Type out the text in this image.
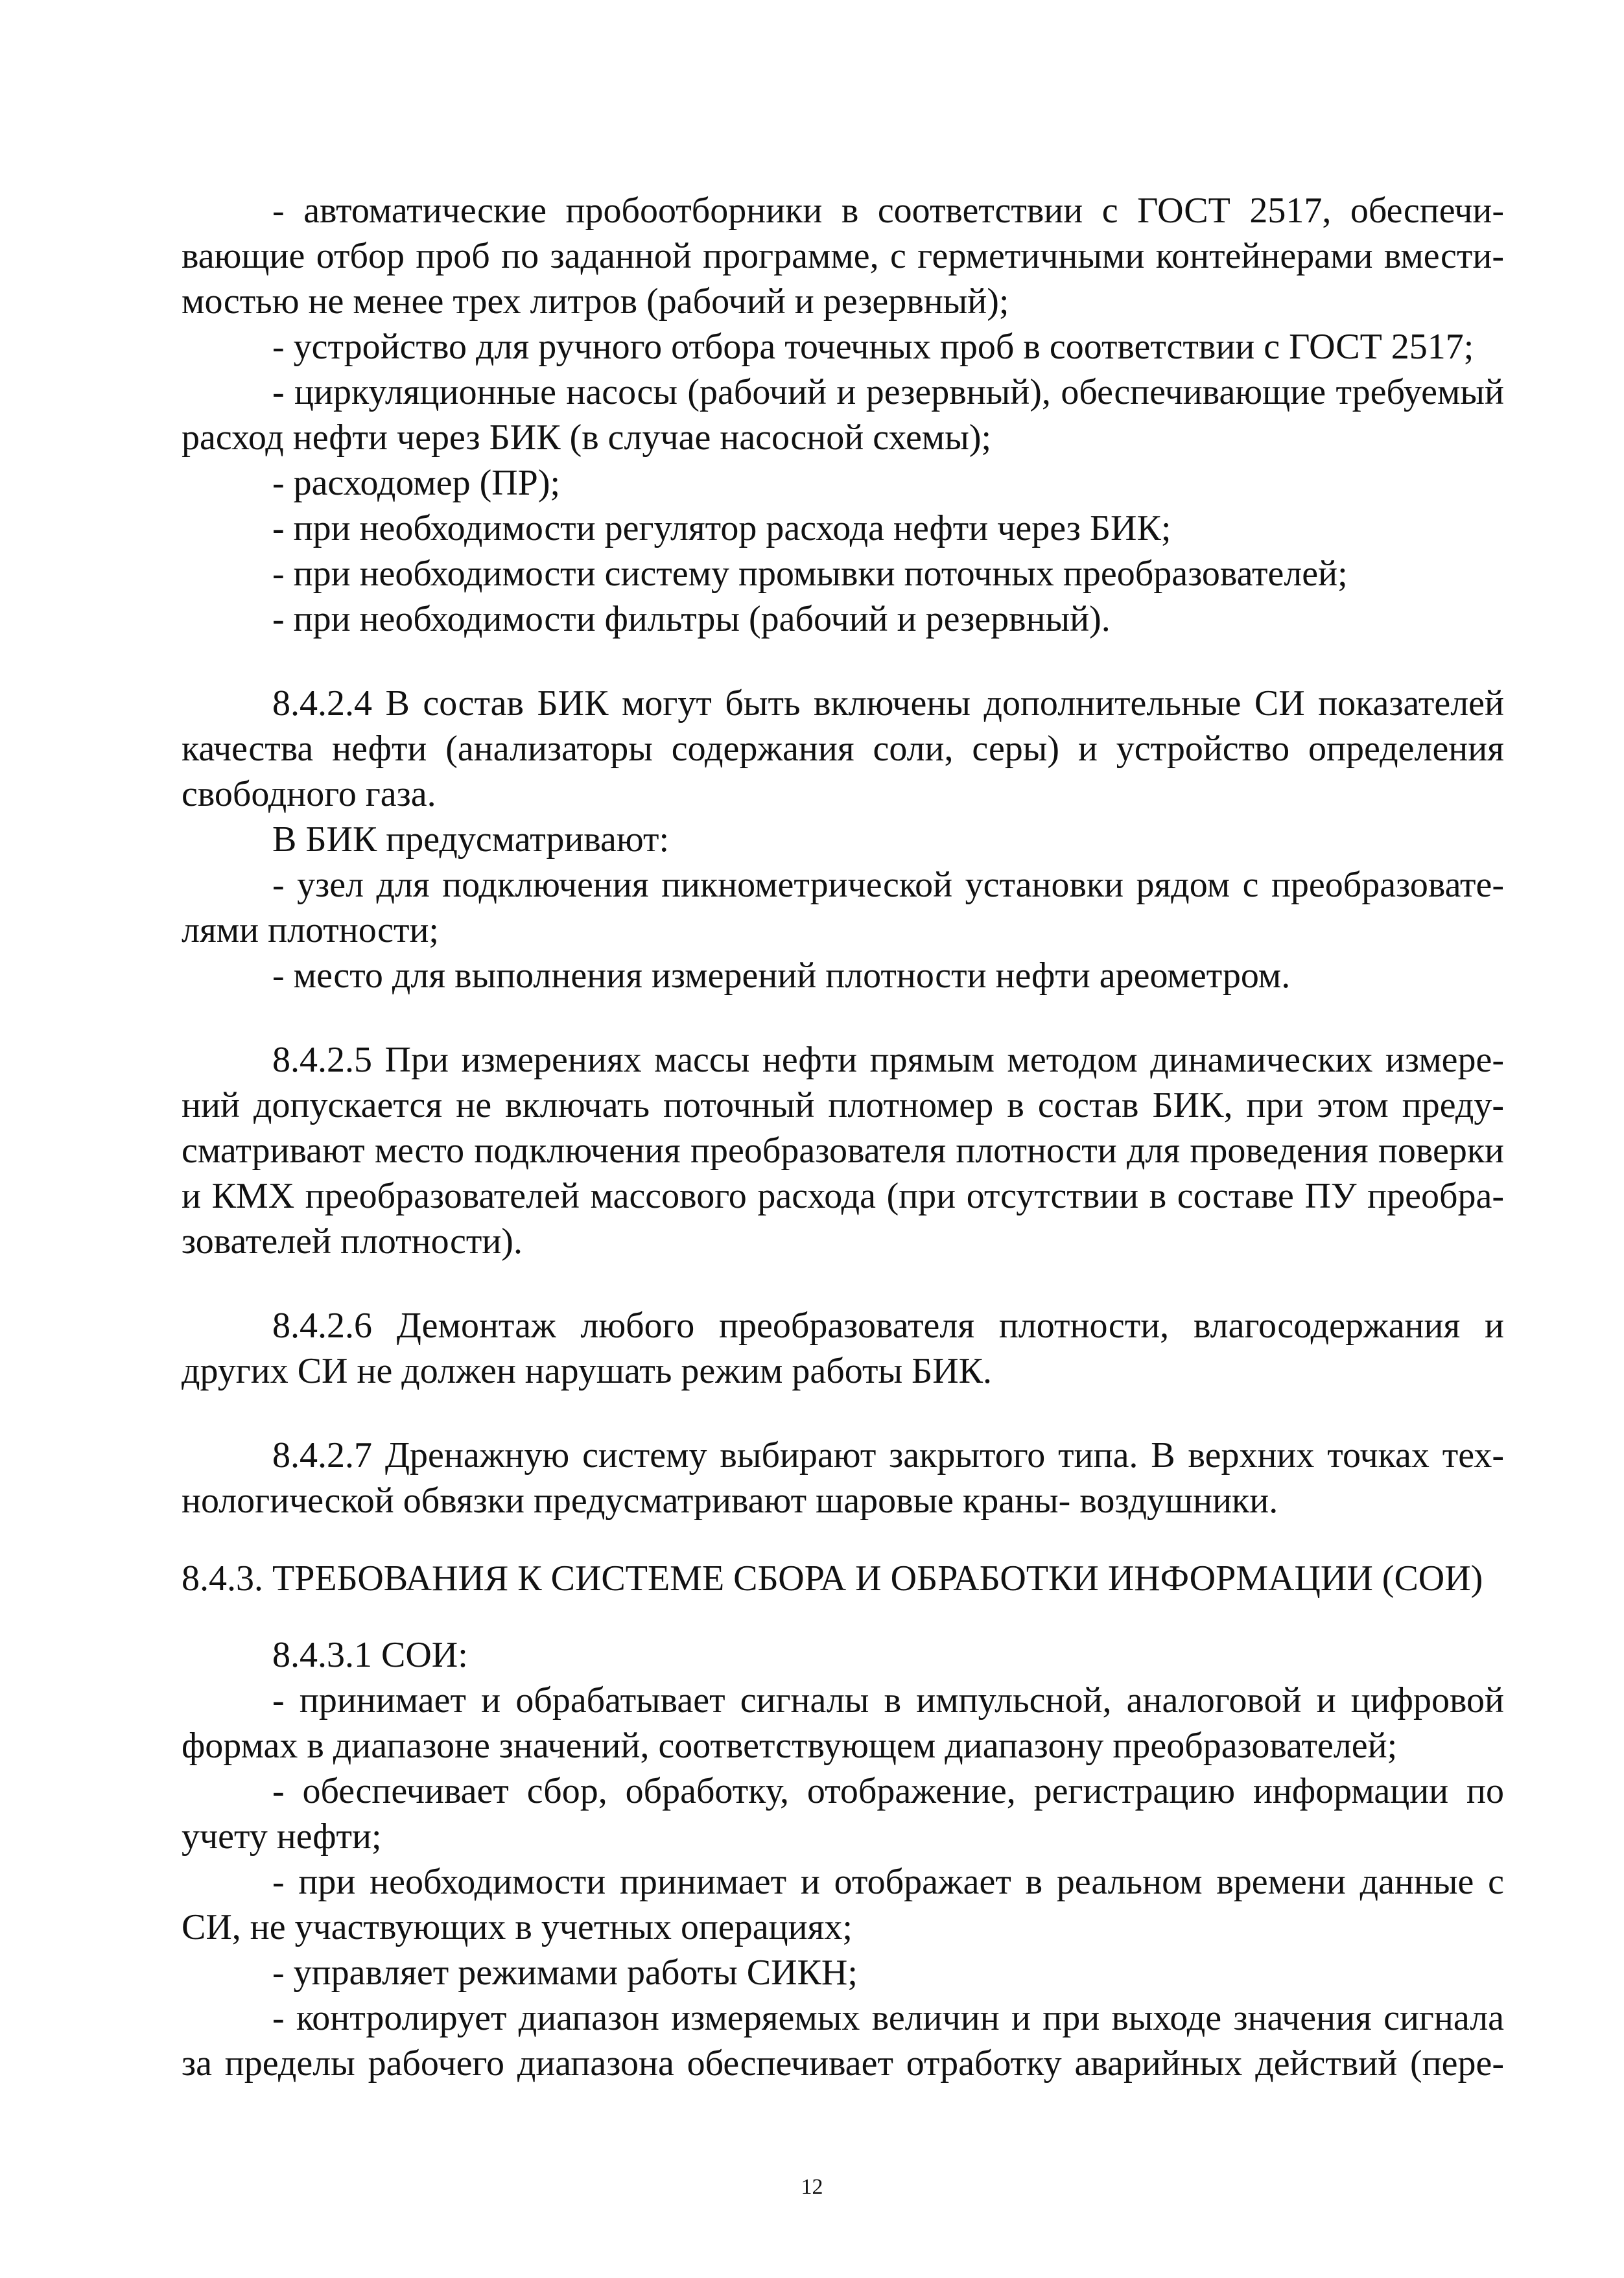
- автоматические пробоотборники в соответствии с ГОСТ 2517, обеспечи-
вающие отбор проб по заданной программе, с герметичными контейнерами вмести-
мостью не менее трех литров (рабочий и резервный);
- устройство для ручного отбора точечных проб в соответствии с ГОСТ 2517;
- циркуляционные насосы (рабочий и резервный), обеспечивающие требуемый
расход нефти через БИК (в случае насосной схемы);
- расходомер (ПР);
- при необходимости регулятор расхода нефти через БИК;
- при необходимости систему промывки поточных преобразователей;
- при необходимости фильтры (рабочий и резервный).
8.4.2.4 В состав БИК могут быть включены дополнительные СИ показателей
качества нефти (анализаторы содержания соли, серы) и устройство определения
свободного газа.
В БИК предусматривают:
- узел для подключения пикнометрической установки рядом с преобразовате-
лями плотности;
- место для выполнения измерений плотности нефти ареометром.
8.4.2.5 При измерениях массы нефти прямым методом динамических измере-
ний допускается не включать поточный плотномер в состав БИК, при этом преду-
сматривают место подключения преобразователя плотности для проведения поверки
и КМХ преобразователей массового расхода (при отсутствии в составе ПУ преобра-
зователей плотности).
8.4.2.6 Демонтаж любого преобразователя плотности, влагосодержания и
других СИ не должен нарушать режим работы БИК.
8.4.2.7 Дренажную систему выбирают закрытого типа. В верхних точках тех-
нологической обвязки предусматривают шаровые краны- воздушники.
8.4.3. ТРЕБОВАНИЯ К СИСТЕМЕ СБОРА И ОБРАБОТКИ ИНФОРМАЦИИ (СОИ)
8.4.3.1 СОИ:
- принимает и обрабатывает сигналы в импульсной, аналоговой и цифровой
формах в диапазоне значений, соответствующем диапазону преобразователей;
- обеспечивает сбор, обработку, отображение, регистрацию информации по
учету нефти;
- при необходимости принимает и отображает в реальном времени данные с
СИ, не участвующих в учетных операциях;
- управляет режимами работы СИКН;
- контролирует диапазон измеряемых величин и при выходе значения сигнала
за пределы рабочего диапазона обеспечивает отработку аварийных действий (пере-
12
